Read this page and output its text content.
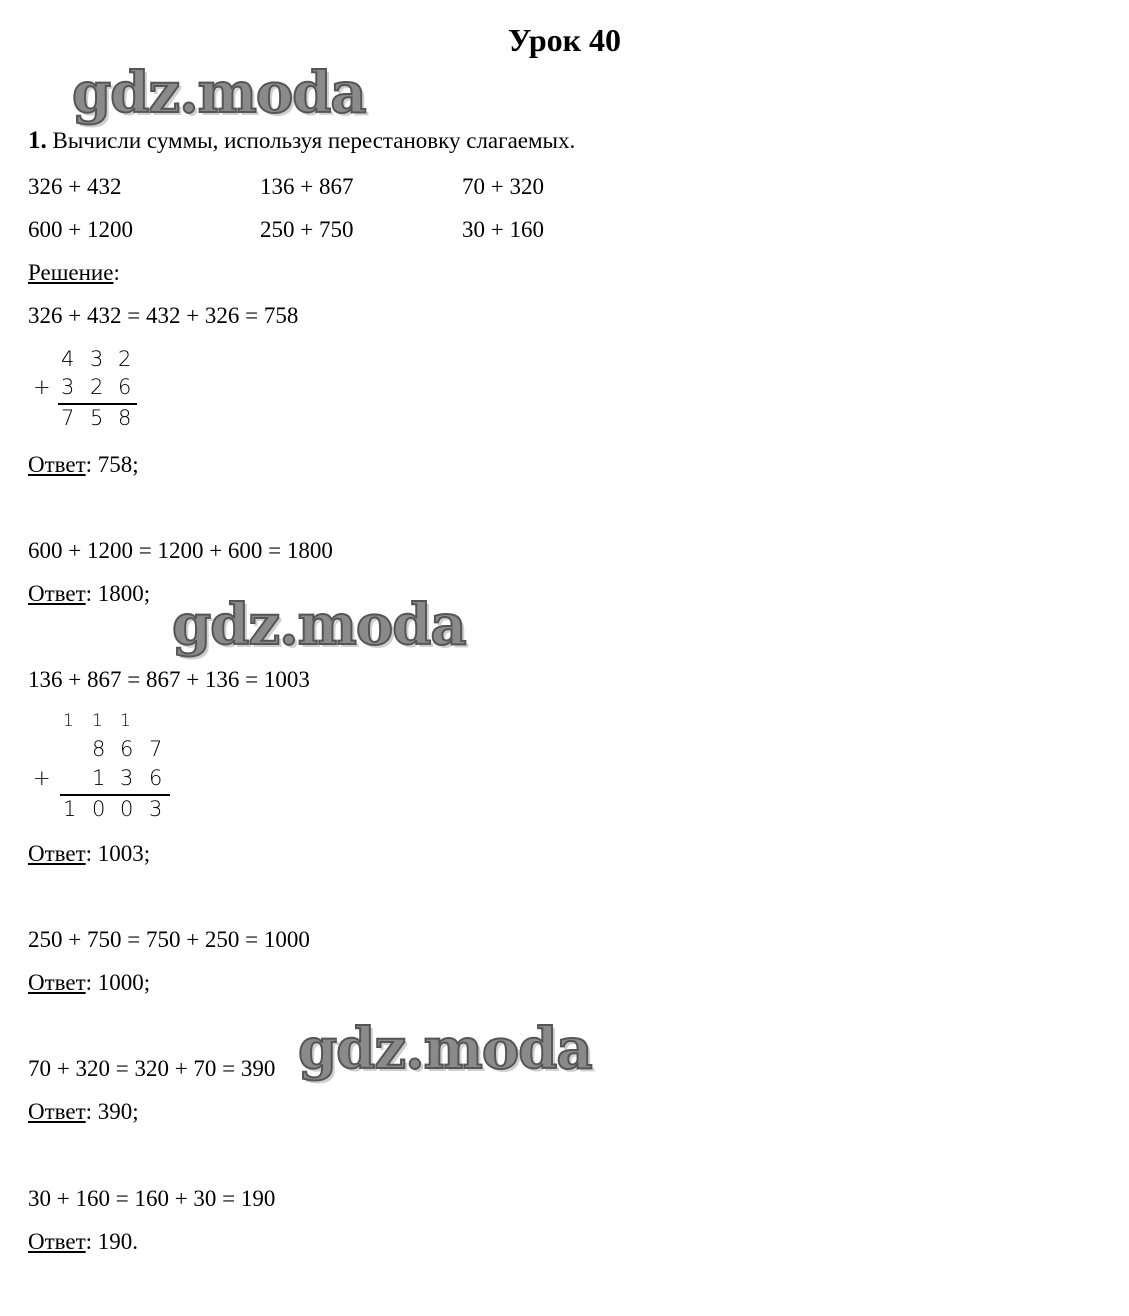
Урок 40
gdz.moda
1. Вычисли суммы, используя перестановку слагаемых.
326 + 432	136 + 867	70 + 320
600 + 1200	250 + 750	30 + 160
Решение:
326 + 432 = 432 + 326 = 758
4 3 2
+ 3 2 6
7 5 8
Ответ: 758;
600 + 1200 = 1200 + 600 = 1800
Ответ: 1800; gdz.moda
136 + 867 = 867 + 136 = 1003
1 1 1
8 6 7
+ 1 3 6
1 0 0 3
Ответ: 1003;
250 + 750 = 750 + 250 = 1000
Ответ: 1000;
70 + 320 = 320 + 70 = 390 gdz.moda
Ответ: 390;
30 + 160 = 160 + 30 = 190
Ответ: 190.
